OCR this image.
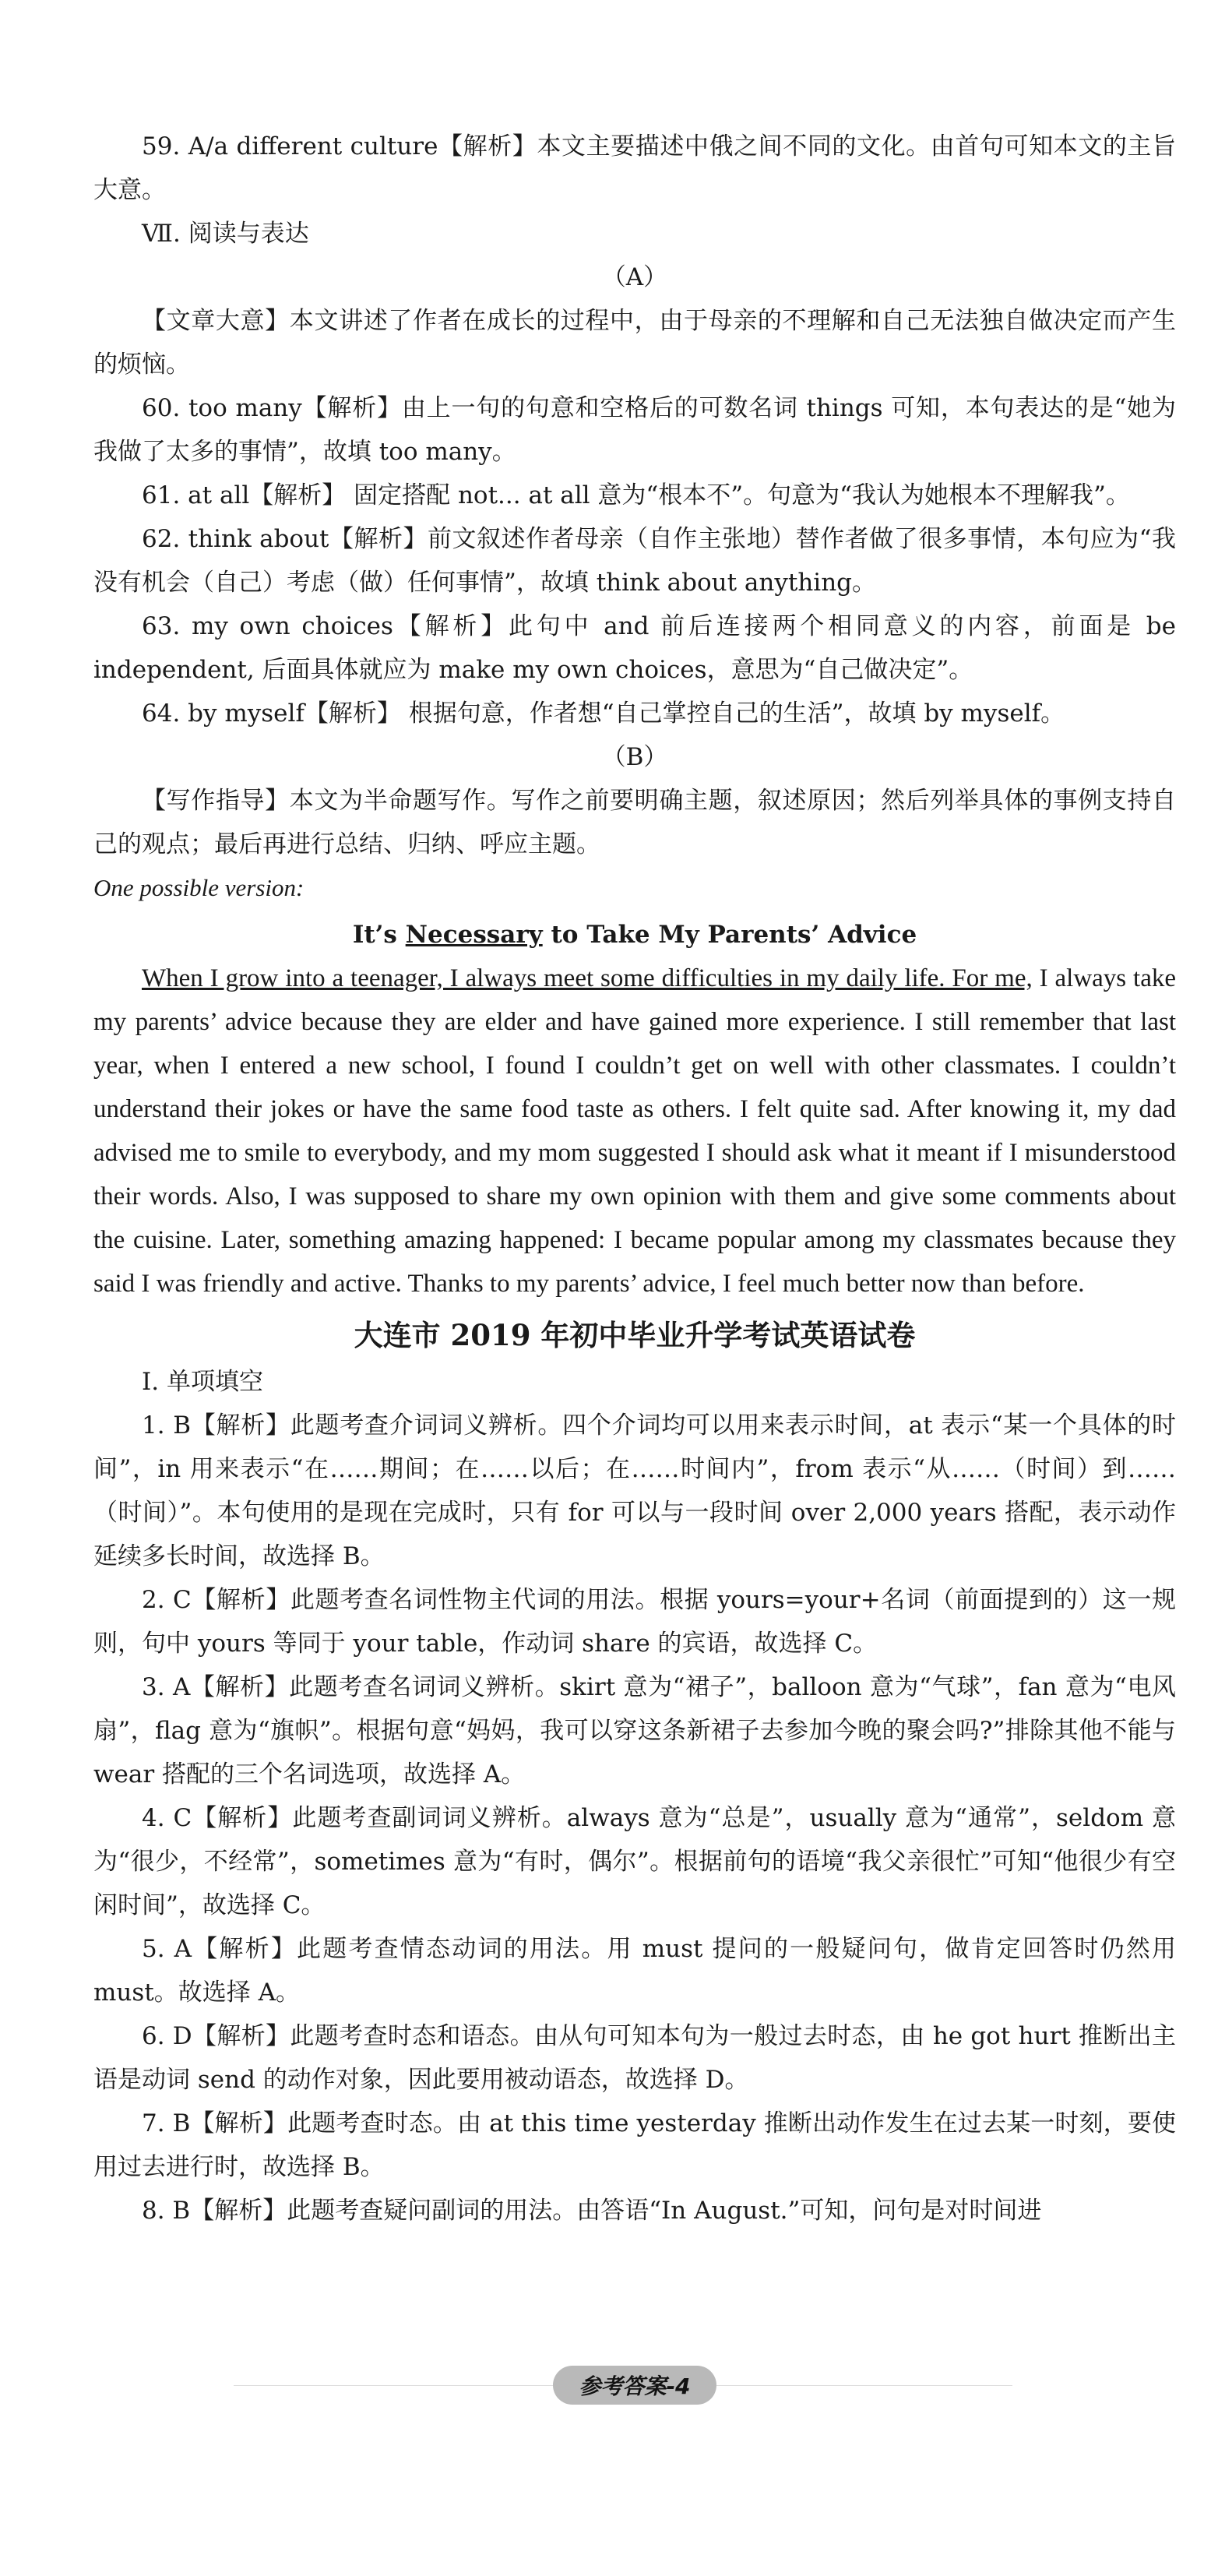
59. A/a different culture【解析】本文主要描述中俄之间不同的文化。由首句可知本文的主旨大意。

Ⅶ. 阅读与表达

（A）

【文章大意】本文讲述了作者在成长的过程中，由于母亲的不理解和自己无法独自做决定而产生的烦恼。

60. too many【解析】由上一句的句意和空格后的可数名词 things 可知，本句表达的是“她为我做了太多的事情”，故填 too many。

61. at all【解析】 固定搭配 not... at all 意为“根本不”。句意为“我认为她根本不理解我”。

62. think about【解析】前文叙述作者母亲（自作主张地）替作者做了很多事情，本句应为“我没有机会（自己）考虑（做）任何事情”，故填 think about anything。

63. my own choices【解析】此句中 and 前后连接两个相同意义的内容，前面是 be independent, 后面具体就应为 make my own choices，意思为“自己做决定”。

64. by myself【解析】 根据句意，作者想“自己掌控自己的生活”，故填 by myself。

（B）

【写作指导】本文为半命题写作。写作之前要明确主题，叙述原因；然后列举具体的事例支持自己的观点；最后再进行总结、归纳、呼应主题。

One possible version:

It’s Necessary to Take My Parents’ Advice

When I grow into a teenager, I always meet some difficulties in my daily life. For me, I always take my parents’ advice because they are elder and have gained more experience. I still remember that last year, when I entered a new school, I found I couldn’t get on well with other classmates. I couldn’t understand their jokes or have the same food taste as others. I felt quite sad. After knowing it, my dad advised me to smile to everybody, and my mom suggested I should ask what it meant if I misunderstood their words. Also, I was supposed to share my own opinion with them and give some comments about the cuisine. Later, something amazing happened: I became popular among my classmates because they said I was friendly and active. Thanks to my parents’ advice, I feel much better now than before.

大连市 2019 年初中毕业升学考试英语试卷

Ⅰ. 单项填空

1. B【解析】此题考查介词词义辨析。四个介词均可以用来表示时间，at 表示“某一个具体的时间”，in 用来表示“在……期间；在……以后；在……时间内”，from 表示“从……（时间）到……（时间）”。本句使用的是现在完成时，只有 for 可以与一段时间 over 2,000 years 搭配，表示动作延续多长时间，故选择 B。

2. C【解析】此题考查名词性物主代词的用法。根据 yours=your+名词（前面提到的）这一规则，句中 yours 等同于 your table，作动词 share 的宾语，故选择 C。

3. A【解析】此题考查名词词义辨析。skirt 意为“裙子”，balloon 意为“气球”，fan 意为“电风扇”，flag 意为“旗帜”。根据句意“妈妈，我可以穿这条新裙子去参加今晚的聚会吗?”排除其他不能与 wear 搭配的三个名词选项，故选择 A。

4. C【解析】此题考查副词词义辨析。always 意为“总是”，usually 意为“通常”，seldom 意为“很少，不经常”，sometimes 意为“有时，偶尔”。根据前句的语境“我父亲很忙”可知“他很少有空闲时间”，故选择 C。

5. A【解析】此题考查情态动词的用法。用 must 提问的一般疑问句，做肯定回答时仍然用 must。故选择 A。

6. D【解析】此题考查时态和语态。由从句可知本句为一般过去时态，由 he got hurt 推断出主语是动词 send 的动作对象，因此要用被动语态，故选择 D。

7. B【解析】此题考查时态。由 at this time yesterday 推断出动作发生在过去某一时刻，要使用过去进行时，故选择 B。

8. B【解析】此题考查疑问副词的用法。由答语“In August.”可知，问句是对时间进

参考答案-4
